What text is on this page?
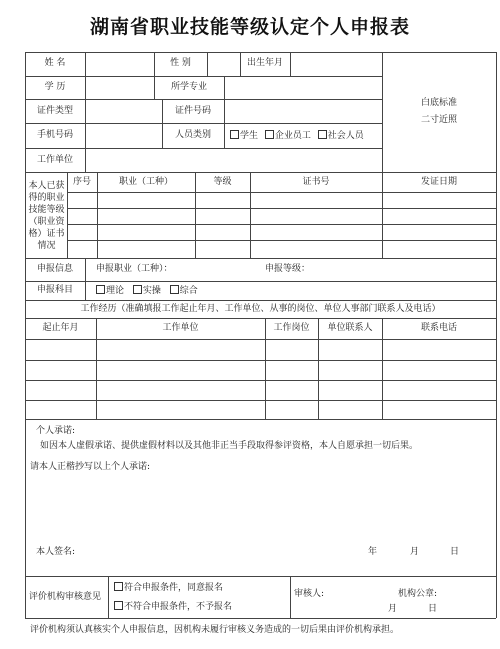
湖南省职业技能等级认定个人申报表
姓 名	性 别	出生年月
学 历	所学专业
证件类型	证件号码
手机号码	人员类别	学生 企业员工 社会人员
工作单位
白底标准
二寸近照
本人已获得的职业技能等级（职业资格）证书情况
序号	职业（工种）	等级	证书号	发证日期
申报信息	申报职业（工种）：	申报等级：
申报科目	理论 实操 综合
工作经历（准确填报工作起止年月、工作单位、从事的岗位、单位人事部门联系人及电话）
起止年月	工作单位	工作岗位	单位联系人	联系电话
个人承诺:
如因本人虚假承诺、提供虚假材料以及其他非正当手段取得参评资格，本人自愿承担一切后果。
请本人正楷抄写以上个人承诺:
本人签名:	年	月	日
评价机构审核意见
符合申报条件，同意报名
不符合申报条件，不予报名
审核人:	机构公章:
月	日
评价机构须认真核实个人申报信息，因机构未履行审核义务造成的一切后果由评价机构承担。
